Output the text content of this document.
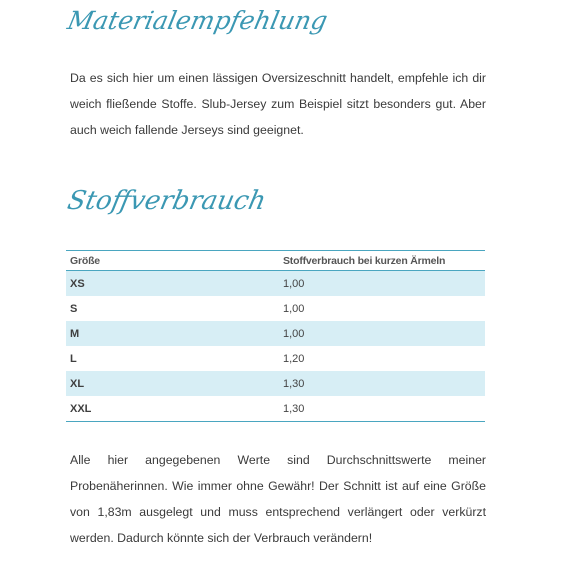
Materialempfehlung

Da es sich hier um einen lässigen Oversizeschnitt handelt, empfehle ich dir weich fließende Stoffe. Slub-Jersey zum Beispiel sitzt besonders gut. Aber auch weich fallende Jerseys sind geeignet.

Stoffverbrauch
Größe	Stoffverbrauch bei kurzen Ärmeln
XS	1,00
S	1,00
M	1,00
L	1,20
XL	1,30
XXL	1,30

Alle hier angegebenen Werte sind Durchschnittswerte meiner Probenäherinnen. Wie immer ohne Gewähr! Der Schnitt ist auf eine Größe von 1,83m ausgelegt und muss entsprechend verlängert oder verkürzt werden. Dadurch könnte sich der Verbrauch verändern!
